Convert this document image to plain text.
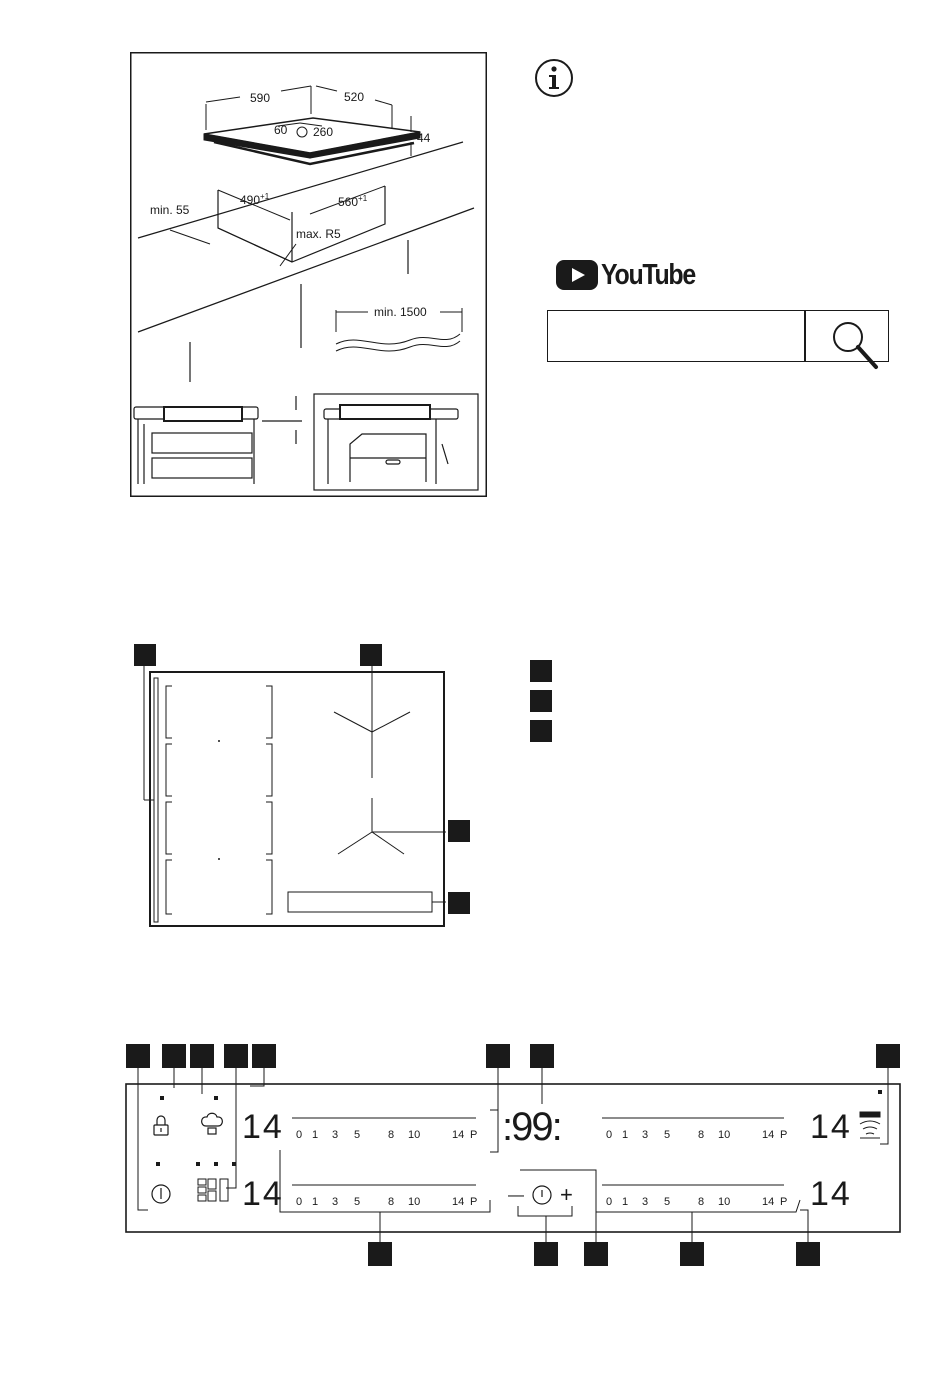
590	520
60 260	44
$490^{+1}$	$560^{+1}$
min. 55
max. R5
min. 1500
YouTube
14
14
14
14
:99:
0 1 3 5	8 10	14 P
0 1 3 5	8 10	14 P
0 1 3 5	8 10	14 P
0 1 3 5	8 10	14 P
— +
